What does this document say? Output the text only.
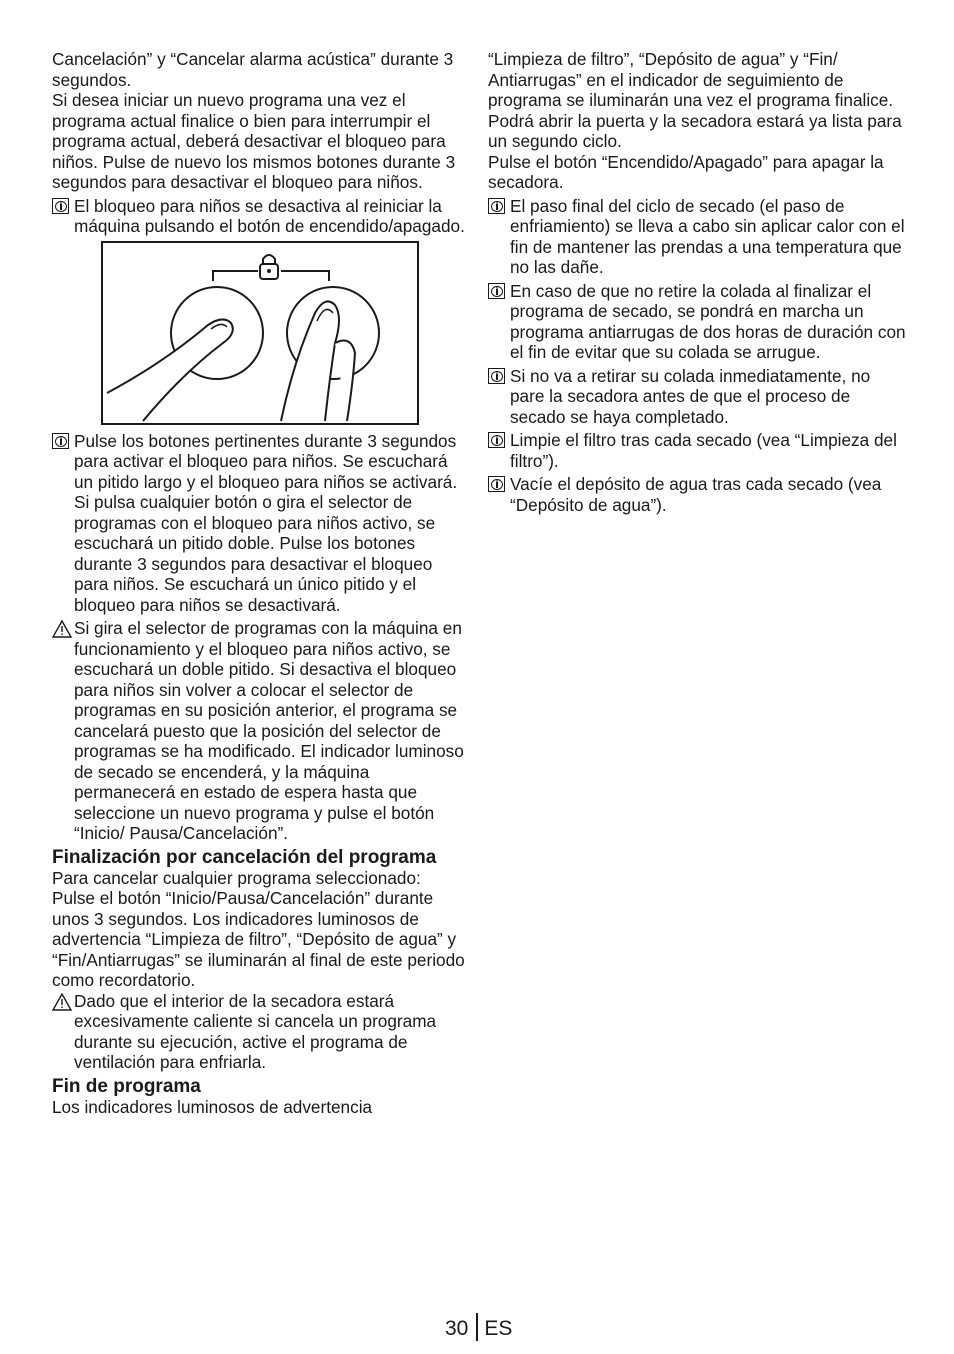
Cancelación” y “Cancelar alarma acústica” durante 3 segundos.

Si desea iniciar un nuevo programa una vez el programa actual finalice o bien para interrumpir el programa actual, deberá desactivar el bloqueo para niños. Pulse de nuevo los mismos botones durante 3 segundos para desactivar el bloqueo para niños.

El bloqueo para niños se desactiva al reiniciar la máquina pulsando el botón de encendido/apagado.
Pulse los botones pertinentes durante 3 segundos para activar el bloqueo para niños. Se escuchará un pitido largo y el bloqueo para niños se activará. Si pulsa cualquier botón o gira el selector de programas con el bloqueo para niños activo, se escuchará un pitido doble. Pulse los botones durante 3 segundos para desactivar el bloqueo para niños. Se escuchará un único pitido y el bloqueo para niños se desactivará.
Si gira el selector de programas con la máquina en funcionamiento y el bloqueo para niños activo, se escuchará un doble pitido. Si desactiva el bloqueo para niños sin volver a colocar el selector de programas en su posición anterior, el programa se cancelará puesto que la posición del selector de programas se ha modificado. El indicador luminoso de secado se encenderá, y la máquina permanecerá en estado de espera hasta que seleccione un nuevo programa y pulse el botón “Inicio/ Pausa/Cancelación”.
Finalización por cancelación del programa

Para cancelar cualquier programa seleccionado: Pulse el botón “Inicio/Pausa/Cancelación” durante unos 3 segundos. Los indicadores luminosos de advertencia “Limpieza de filtro”, “Depósito de agua” y “Fin/Antiarrugas” se iluminarán al final de este periodo como recordatorio.

Dado que el interior de la secadora estará excesivamente caliente si cancela un programa durante su ejecución, active el programa de ventilación para enfriarla.
Fin de programa

Los indicadores luminosos de advertencia

“Limpieza de filtro”, “Depósito de agua” y “Fin/ Antiarrugas” en el indicador de seguimiento de programa se iluminarán una vez el programa finalice. Podrá abrir la puerta y la secadora estará ya lista para un segundo ciclo.

Pulse el botón “Encendido/Apagado” para apagar la secadora.

El paso final del ciclo de secado (el paso de enfriamiento) se lleva a cabo sin aplicar calor con el fin de mantener las prendas a una temperatura que no las dañe.
En caso de que no retire la colada al finalizar el programa de secado, se pondrá en marcha un programa antiarrugas de dos horas de duración con el fin de evitar que su colada se arrugue.
Si no va a retirar su colada inmediatamente, no pare la secadora antes de que el proceso de secado se haya completado.
Limpie el filtro tras cada secado (vea “Limpieza del filtro”).
Vacíe el depósito de agua tras cada secado (vea “Depósito de agua”).
30 ES
